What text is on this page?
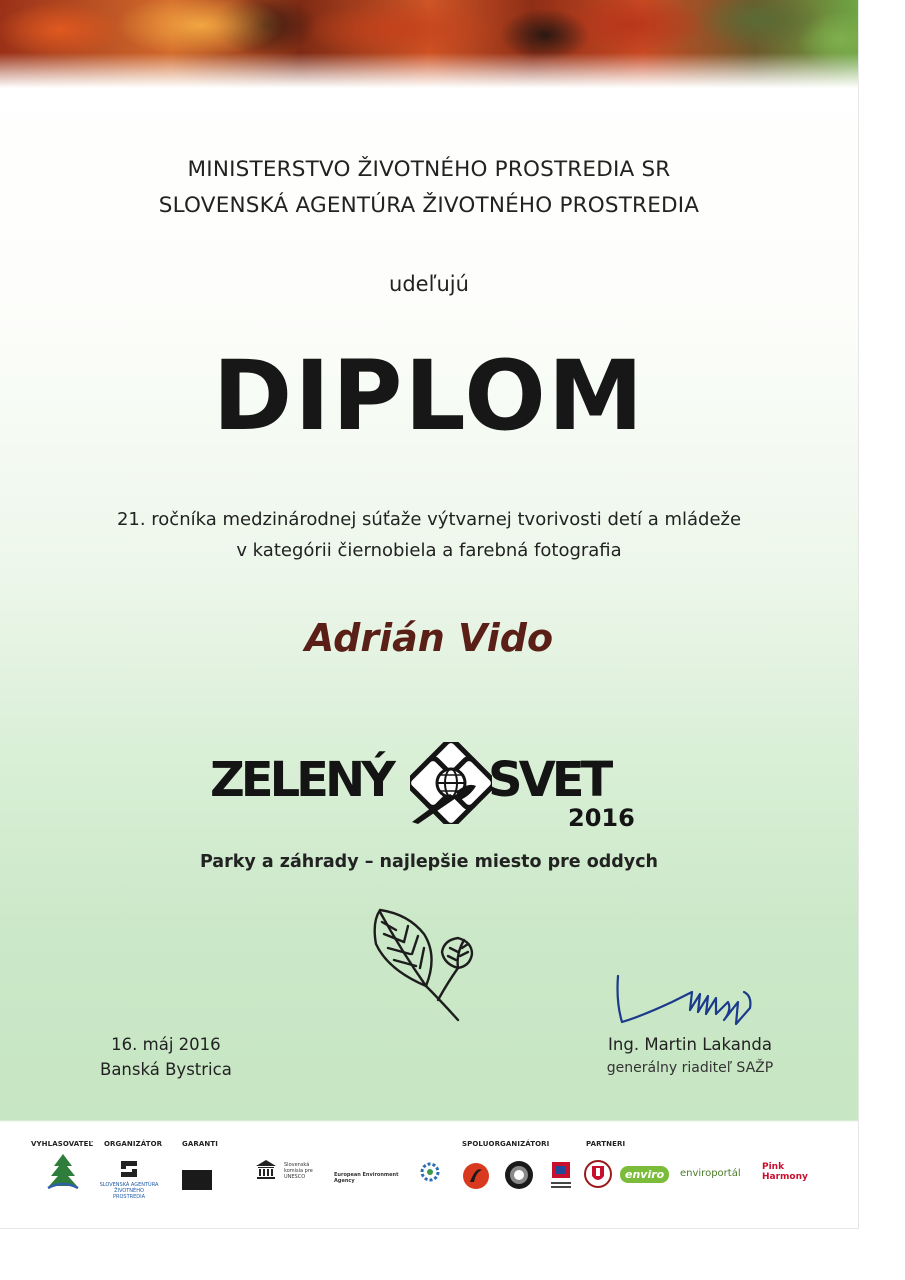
MINISTERSTVO ŽIVOTNÉHO PROSTREDIA SR
SLOVENSKÁ AGENTÚRA ŽIVOTNÉHO PROSTREDIA
udeľujú
DIPLOM
21. ročníka medzinárodnej súťaže výtvarnej tvorivosti detí a mládeže
v kategórii čiernobiela a farebná fotografia
Adrián Vido
ZELENÝ SVET
2016
Parky a záhrady – najlepšie miesto pre oddych
16. máj 2016
Banská Bystrica
Ing. Martin Lakanda
generálny riaditeľ SAŽP
VYHLASOVATEĽ ORGANIZÁTOR	GARANTI	SPOLUORGANIZÁTORI	PARTNERI
SLOVENSKÁ AGENTÚRA ŽIVOTNÉHO PROSTREDIA
Slovenská komisia pre UNESCO	European Environment Agency	enviro	enviroportál
Pink Harmony
